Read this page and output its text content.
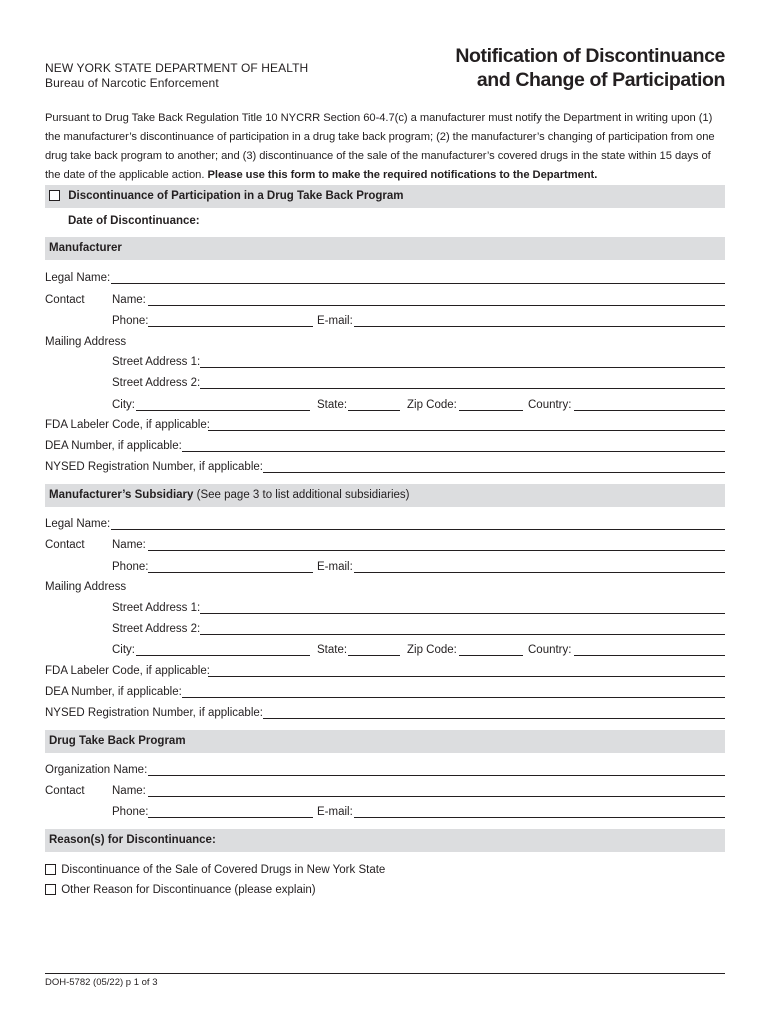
NEW YORK STATE DEPARTMENT OF HEALTH
Bureau of Narcotic Enforcement
Notification of Discontinuance
and Change of Participation
Pursuant to Drug Take Back Regulation Title 10 NYCRR Section 60-4.7(c) a manufacturer must notify the Department in writing upon (1) the manufacturer’s discontinuance of participation in a drug take back program; (2) the manufacturer’s changing of participation from one drug take back program to another; and (3) discontinuance of the sale of the manufacturer’s covered drugs in the state within 15 days of the date of the applicable action. Please use this form to make the required notifications to the Department.
Discontinuance of Participation in a Drug Take Back Program
Date of Discontinuance:
Manufacturer
Legal Name:
Contact Name:
Phone:	E-mail:
Mailing Address
Street Address 1:
Street Address 2:
City:	State:	Zip Code:	Country:
FDA Labeler Code, if applicable:
DEA Number, if applicable:
NYSED Registration Number, if applicable:
Manufacturer’s Subsidiary (See page 3 to list additional subsidiaries)
Legal Name:
Contact Name:
Phone:	E-mail:
Mailing Address
Street Address 1:
Street Address 2:
City:	State:	Zip Code:	Country:
FDA Labeler Code, if applicable:
DEA Number, if applicable:
NYSED Registration Number, if applicable:
Drug Take Back Program
Organization Name:
Contact Name:
Phone:	E-mail:
Reason(s) for Discontinuance:
Discontinuance of the Sale of Covered Drugs in New York State
Other Reason for Discontinuance (please explain)
DOH-5782 (05/22) p 1 of 3
